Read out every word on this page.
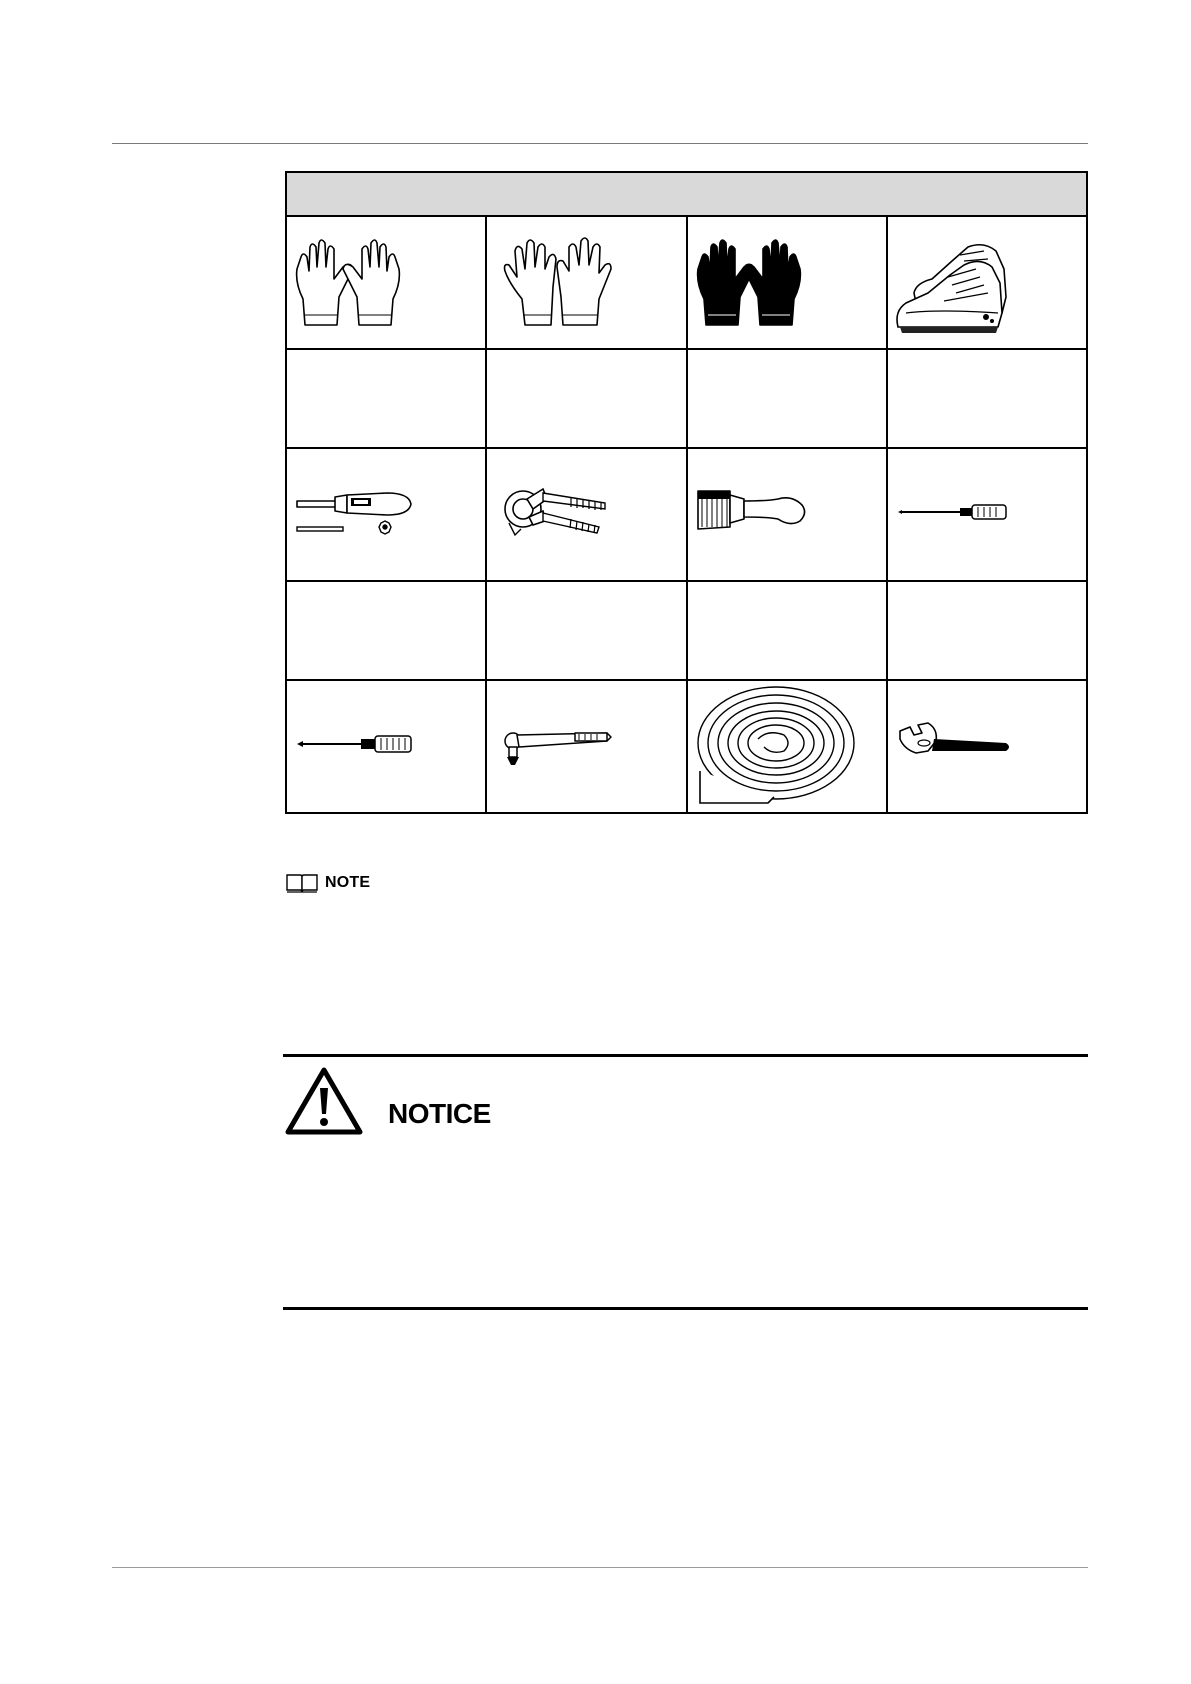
NOTE
NOTICE
